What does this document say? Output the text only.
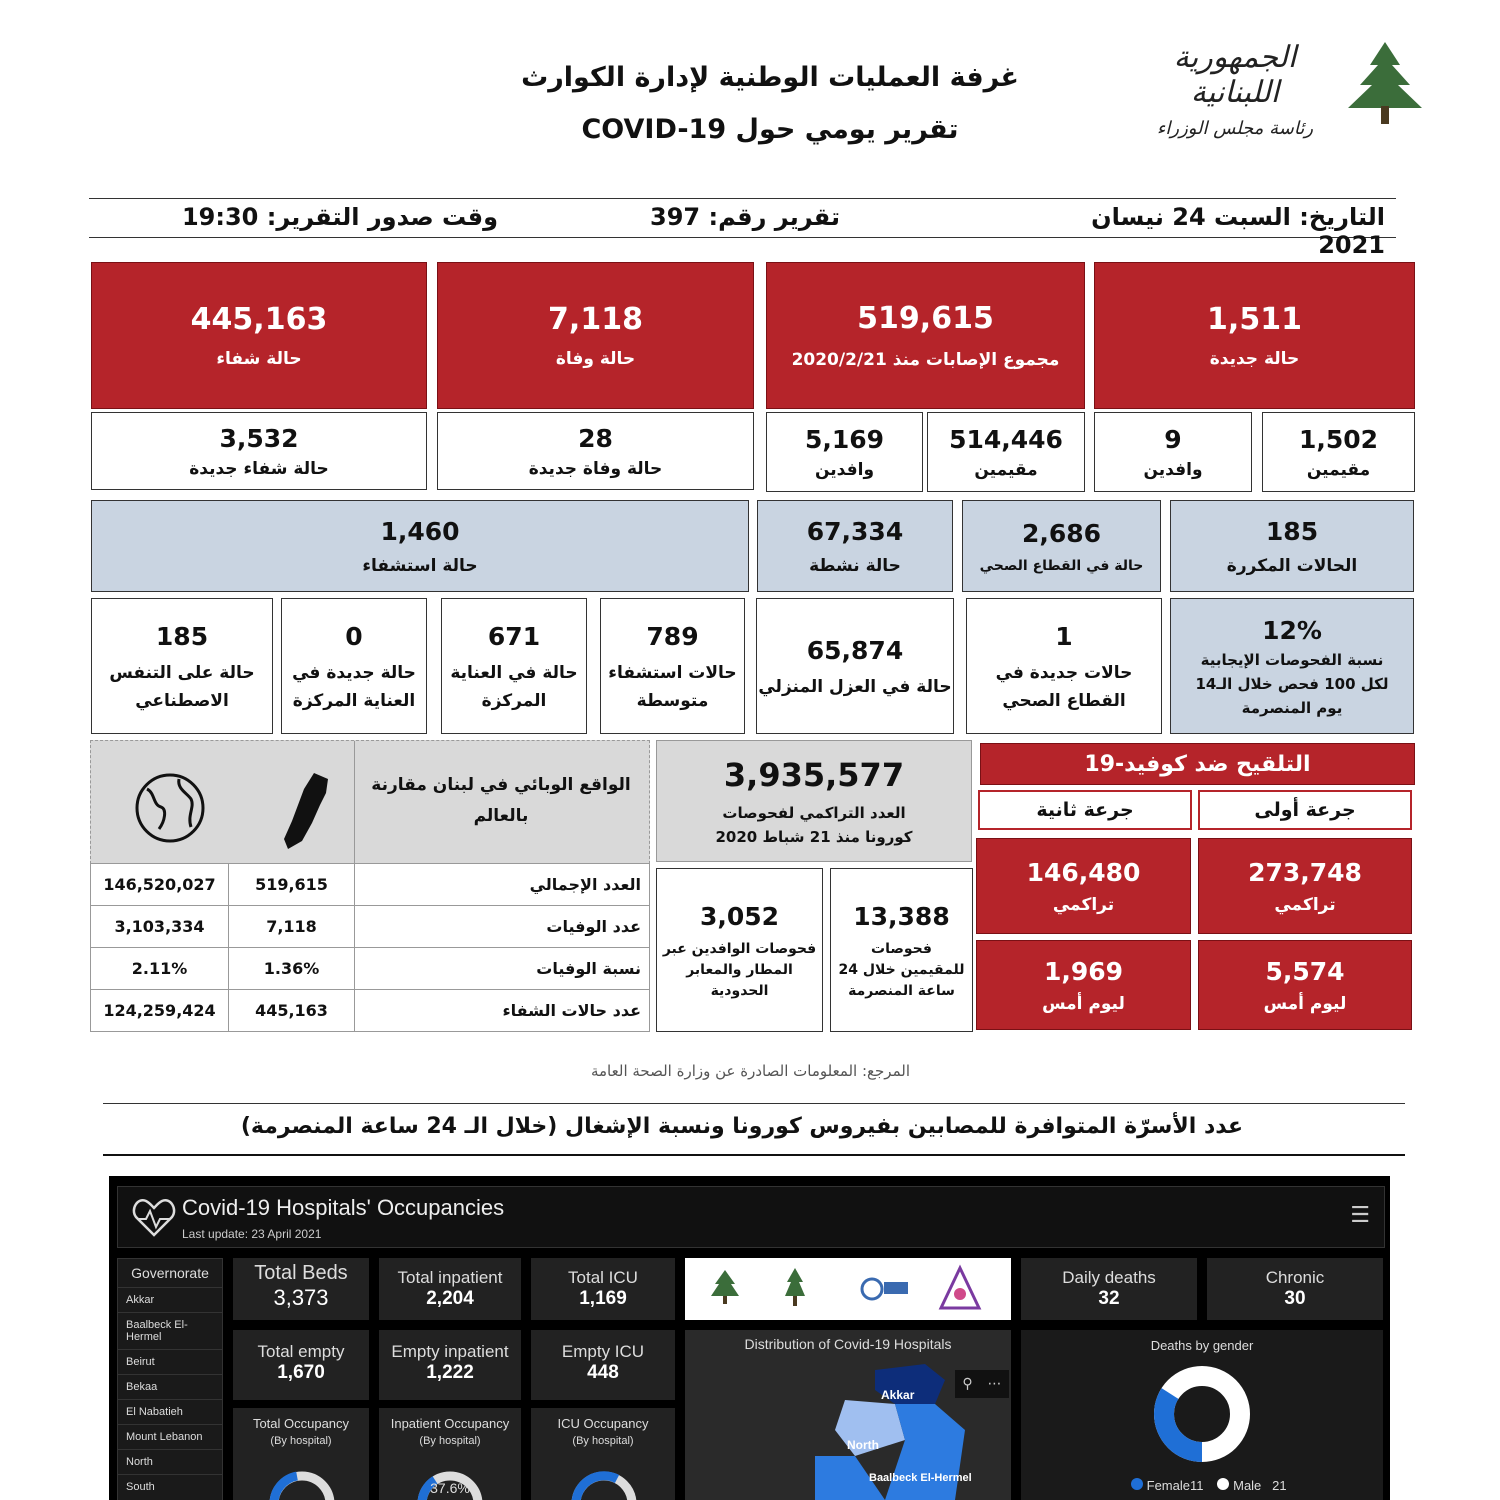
غرفة العمليات الوطنية لإدارة الكوارث
تقرير يومي حول COVID-19
الجمهورية اللبنانية
رئاسة مجلس الوزراء
التاريخ: السبت 24 نيسان 2021
تقرير رقم: 397
وقت صدور التقرير: 19:30
1,511
حالة جديدة
519,615
مجموع الإصابات منذ 2020/2/21
7,118
حالة وفاة
445,163
حالة شفاء
1,502
مقيمين
9
وافدين
514,446
مقيمين
5,169
وافدين
28
حالة وفاة جديدة
3,532
حالة شفاء جديدة
185
الحالات المكررة
2,686
حالة في القطاع الصحي
67,334
حالة نشطة
1,460
حالة استشفاء
12%
نسبة الفحوصات الإيجابية
لكل 100 فحص خلال الـ14
يوم المنصرمة
1
حالات جديدة في
القطاع الصحي
65,874
حالة في العزل المنزلي
789
حالات استشفاء
متوسطة
671
حالة في العناية
المركزة
0
حالة جديدة في
العناية المركزة
185
حالة على التنفس
الاصطناعي
الواقع الوبائي في لبنان مقارنة بالعالم
146,520,027	519,615	العدد الإجمالي
3,103,334	7,118	عدد الوفيات
2.11%	1.36%	نسبة الوفيات
124,259,424	445,163	عدد حالات الشفاء
3,935,577
العدد التراكمي لفحوصات
كورونا منذ 21 شباط 2020
13,388
فحوصات
للمقيمين خلال 24
ساعة المنصرمة
3,052
فحوصات الوافدين عبر
المطار والمعابر
الحدودية
التلقيح ضد كوفيد-19
جرعة أولى
جرعة ثانية
273,748
تراكمي
146,480
تراكمي
5,574
ليوم أمس
1,969
ليوم أمس
المرجع: المعلومات الصادرة عن وزارة الصحة العامة
عدد الأسرّة المتوافرة للمصابين بفيروس كورونا ونسبة الإشغال (خلال الـ 24 ساعة المنصرمة)
Covid-19 Hospitals' Occupancies
Last update: 23 April 2021
☰
Governorate
Akkar
Baalbeck El-Hermel
Beirut
Bekaa
El Nabatieh
Mount Lebanon
North
South
Total Beds
3,373
Total inpatient
2,204
Total ICU
1,169
Daily deaths
32
Chronic
30
Total empty
1,670
Empty inpatient
1,222
Empty ICU
448
Total Occupancy
(By hospital)
Inpatient Occupancy
(By hospital)
37.6%
ICU Occupancy
(By hospital)
Distribution of Covid-19 Hospitals
Akkar
North
Baalbeck El-Hermel
⚲ ⋯
Deaths by gender
Female11	Male 21
